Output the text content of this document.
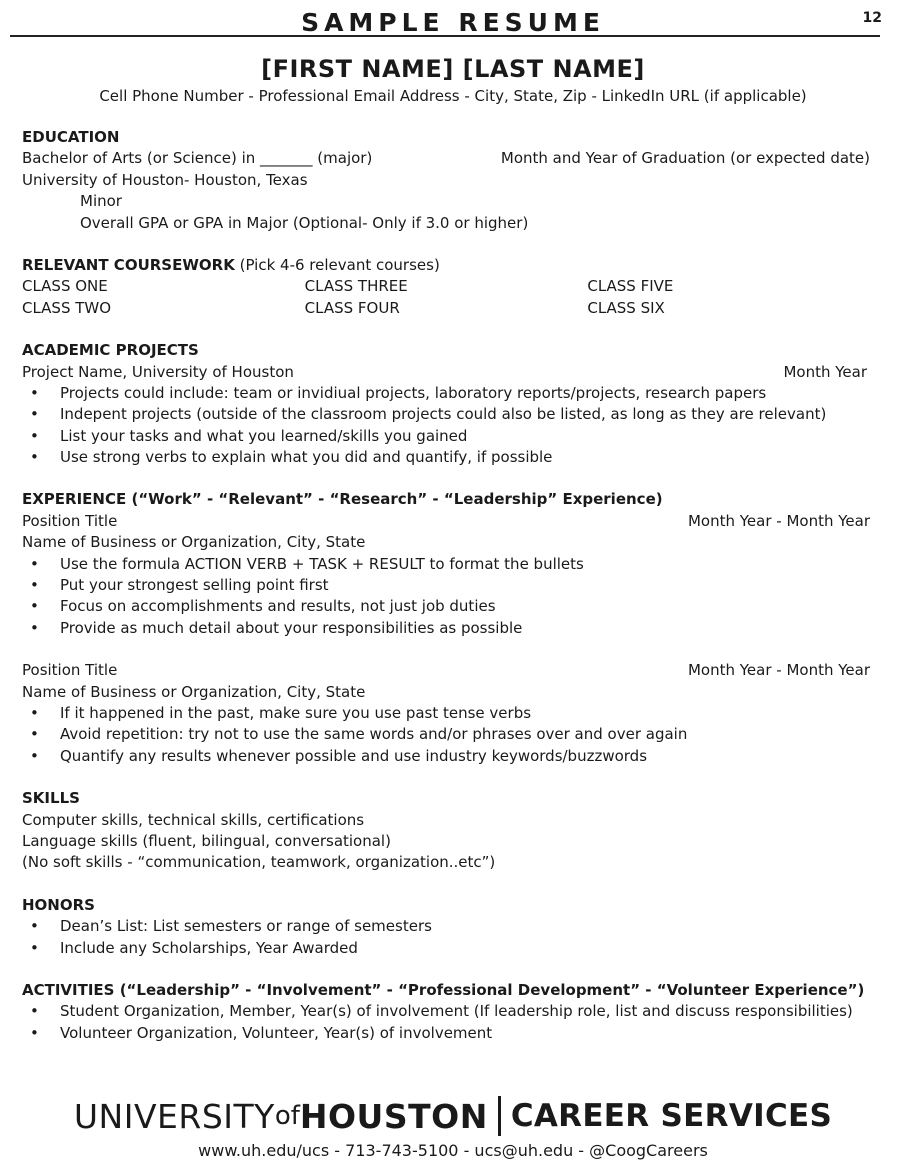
12
SAMPLE RESUME
[FIRST NAME] [LAST NAME]
Cell Phone Number - Professional Email Address - City, State, Zip - LinkedIn URL (if applicable)
EDUCATION
Bachelor of Arts (or Science) in _______ (major)	Month and Year of Graduation (or expected date)
University of Houston- Houston, Texas
Minor
Overall GPA or GPA in Major (Optional- Only if 3.0 or higher)
RELEVANT COURSEWORK (Pick 4-6 relevant courses)
CLASS ONE	CLASS THREE	CLASS FIVE
CLASS TWO	CLASS FOUR	CLASS SIX
ACADEMIC PROJECTS
Project Name, University of Houston	Month Year
• Projects could include: team or invidiual projects, laboratory reports/projects, research papers
• Indepent projects (outside of the classroom projects could also be listed, as long as they are relevant)
• List your tasks and what you learned/skills you gained
• Use strong verbs to explain what you did and quantify, if possible
EXPERIENCE (“Work” - “Relevant” - “Research” - “Leadership” Experience)
Position Title	Month Year - Month Year
Name of Business or Organization, City, State
• Use the formula ACTION VERB + TASK + RESULT to format the bullets
• Put your strongest selling point first
• Focus on accomplishments and results, not just job duties
• Provide as much detail about your responsibilities as possible
Position Title	Month Year - Month Year
Name of Business or Organization, City, State
• If it happened in the past, make sure you use past tense verbs
• Avoid repetition: try not to use the same words and/or phrases over and over again
• Quantify any results whenever possible and use industry keywords/buzzwords
SKILLS
Computer skills, technical skills, certifications
Language skills (fluent, bilingual, conversational)
(No soft skills - “communication, teamwork, organization..etc”)
HONORS
• Dean’s List: List semesters or range of semesters
• Include any Scholarships, Year Awarded
ACTIVITIES (“Leadership” - “Involvement” - “Professional Development” - “Volunteer Experience”)
• Student Organization, Member, Year(s) of involvement (If leadership role, list and discuss responsibilities)
• Volunteer Organization, Volunteer, Year(s) of involvement
UNIVERSITY of HOUSTON CAREER SERVICES
www.uh.edu/ucs - 713-743-5100 - ucs@uh.edu - @CoogCareers
